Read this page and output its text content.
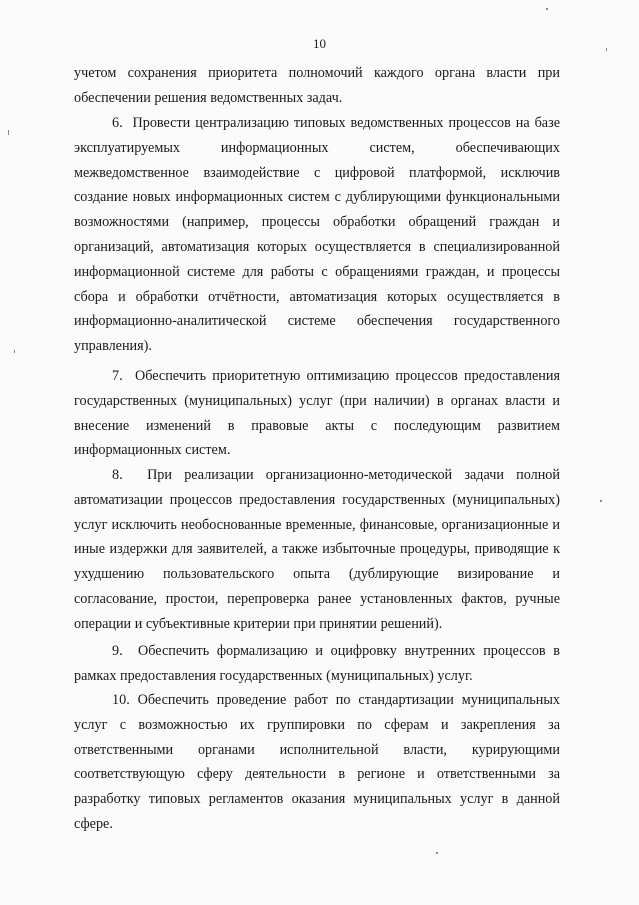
10

учетом сохранения приоритета полномочий каждого органа власти при обеспечении решения ведомственных задач.

6. Провести централизацию типовых ведомственных процессов на базе эксплуатируемых информационных систем, обеспечивающих межведомственное взаимодействие с цифровой платформой, исключив создание новых информационных систем с дублирующими функциональными возможностями (например, процессы обработки обращений граждан и организаций, автоматизация которых осуществляется в специализированной информационной системе для работы с обращениями граждан, и процессы сбора и обработки отчётности, автоматизация которых осуществляется в информационно-аналитической системе обеспечения государственного управления).

7. Обеспечить приоритетную оптимизацию процессов предоставления государственных (муниципальных) услуг (при наличии) в органах власти и внесение изменений в правовые акты с последующим развитием информационных систем.

8. При реализации организационно-методической задачи полной автоматизации процессов предоставления государственных (муниципальных) услуг исключить необоснованные временные, финансовые, организационные и иные издержки для заявителей, а также избыточные процедуры, приводящие к ухудшению пользовательского опыта (дублирующие визирование и согласование, простои, перепроверка ранее установленных фактов, ручные операции и субъективные критерии при принятии решений).

9. Обеспечить формализацию и оцифровку внутренних процессов в рамках предоставления государственных (муниципальных) услуг.

10. Обеспечить проведение работ по стандартизации муниципальных услуг с возможностью их группировки по сферам и закрепления за ответственными органами исполнительной власти, курирующими соответствующую сферу деятельности в регионе и ответственными за разработку типовых регламентов оказания муниципальных услуг в данной сфере.
